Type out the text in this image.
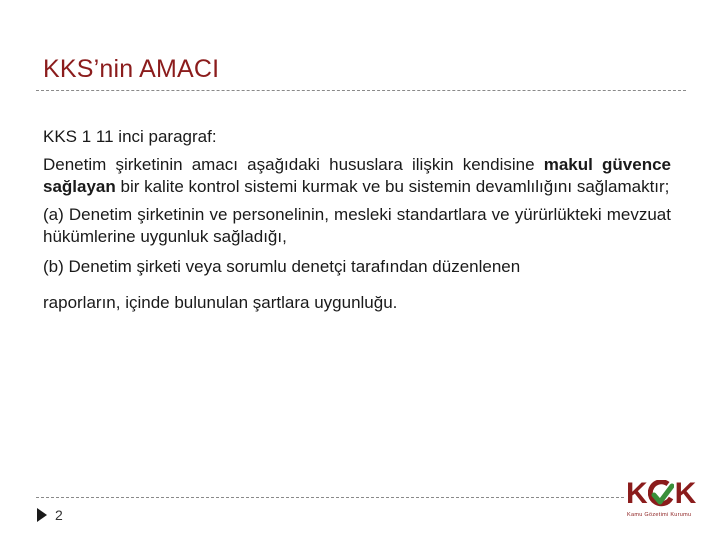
KKS’nin AMACI

KKS 1 11 inci paragraf:

Denetim şirketinin amacı aşağıdaki hususlara ilişkin kendisine makul güvence sağlayan bir kalite kontrol sistemi kurmak ve bu sistemin devamlılığını sağlamaktır;

(a) Denetim şirketinin ve personelinin, mesleki standartlara ve yürürlükteki mevzuat hükümlerine uygunluk sağladığı,

(b) Denetim şirketi veya sorumlu denetçi tarafından düzenlenen

raporların, içinde bulunulan şartlara uygunluğu.

2
K K
Kamu Gözetimi Kurumu
